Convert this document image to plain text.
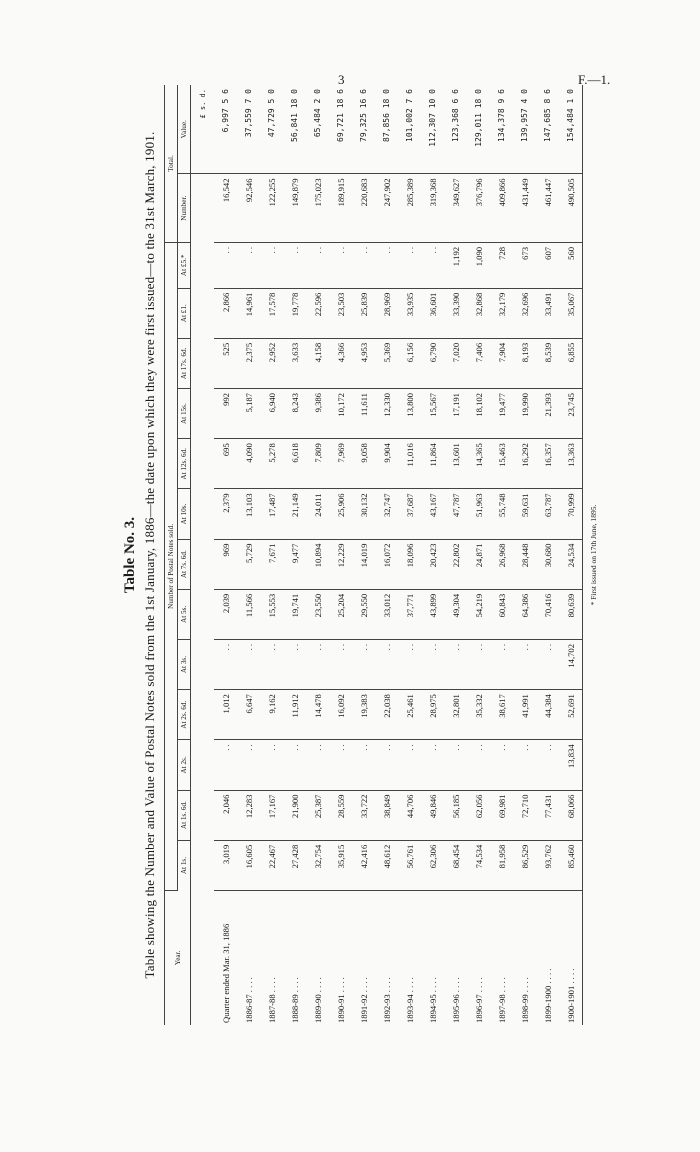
3	F.—1.
Table No. 3. Table showing the Number and Value of Postal Notes sold from the 1st January, 1886—the date upon which they were first issued—to the 31st March, 1901.	Year.	Number of Postal Notes sold.													Total.	
	At 1s.	At 1s. 6d.	At 2s.	At 2s. 6d.	At 3s.	At 5s.	At 7s. 6d.	At 10s.	At 12s. 6d.	At 15s.	At 17s. 6d.	At £1.	At £5.*	Number.	Value.
															£ s. d.
Quarter ended Mar. 31, 1886	3,019	2,046	. .	1,012	. .	2,039	969	2,379	695	992	525	2,866	. .	16,542	6,997 5 6
1886-87 . . . .	16,605	12,283	. .	6,647	. .	11,566	5,729	13,103	4,090	5,187	2,375	14,961	. .	92,546	37,559 7 0
1887-88 . . . .	22,467	17,167	. .	9,162	. .	15,553	7,671	17,487	5,278	6,940	2,952	17,578	. .	122,255	47,729 5 0
1888-89 . . . .	27,428	21,900	. .	11,912	. .	19,741	9,477	21,149	6,618	8,243	3,633	19,778	. .	149,879	56,841 18 0
1889-90 . . . .	32,754	25,387	. .	14,478	. .	23,550	10,894	24,011	7,809	9,386	4,158	22,596	. .	175,023	65,484 2 0
1890-91 . . . .	35,915	28,559	. .	16,092	. .	25,204	12,229	25,906	7,969	10,172	4,366	23,503	. .	189,915	69,721 18 6
1891-92 . . . .	42,416	33,722	. .	19,383	. .	29,550	14,019	30,132	9,058	11,611	4,953	25,839	. .	220,683	79,325 16 6
1892-93 . . . .	48,612	38,849	. .	22,038	. .	33,012	16,072	32,747	9,904	12,330	5,369	28,969	. .	247,902	87,856 18 0
1893-94 . . . .	56,761	44,706	. .	25,461	. .	37,771	18,096	37,687	11,016	13,800	6,156	33,935	. .	285,389	101,002 7 6
1894-95 . . . .	62,306	49,846	. .	28,975	. .	43,899	20,423	43,167	11,864	15,567	6,790	36,601	. .	319,368	112,307 10 0
1895-96 . . . .	68,454	56,185	. .	32,801	. .	49,304	22,802	47,787	13,601	17,191	7,020	33,390	1,192	349,627	123,368 6 6
1896-97 . . . .	74,534	62,056	. .	35,332	. .	54,219	24,871	51,963	14,365	18,102	7,406	32,868	1,090	376,796	129,011 18 0
1897-98 . . . .	81,958	69,981	. .	38,617	. .	60,843	26,968	55,748	15,463	19,477	7,904	32,179	728	409,866	134,378 9 6
1898-99 . . . .	86,529	72,710	. .	41,991	. .	64,386	28,448	59,631	16,292	19,990	8,193	32,696	673	431,449	139,957 4 0
1899-1900 . . . .	93,762	77,431	. .	44,384	. .	70,416	30,680	63,787	16,357	21,393	8,539	33,491	607	461,447	147,685 8 6
1900-1901 . . . .	85,460	68,066	13,834	52,691	14,702	80,639	24,534	70,999	13,363	23,745	6,855	35,067	560	490,505	154,484 1 0
* First issued on 17th June, 1895.
